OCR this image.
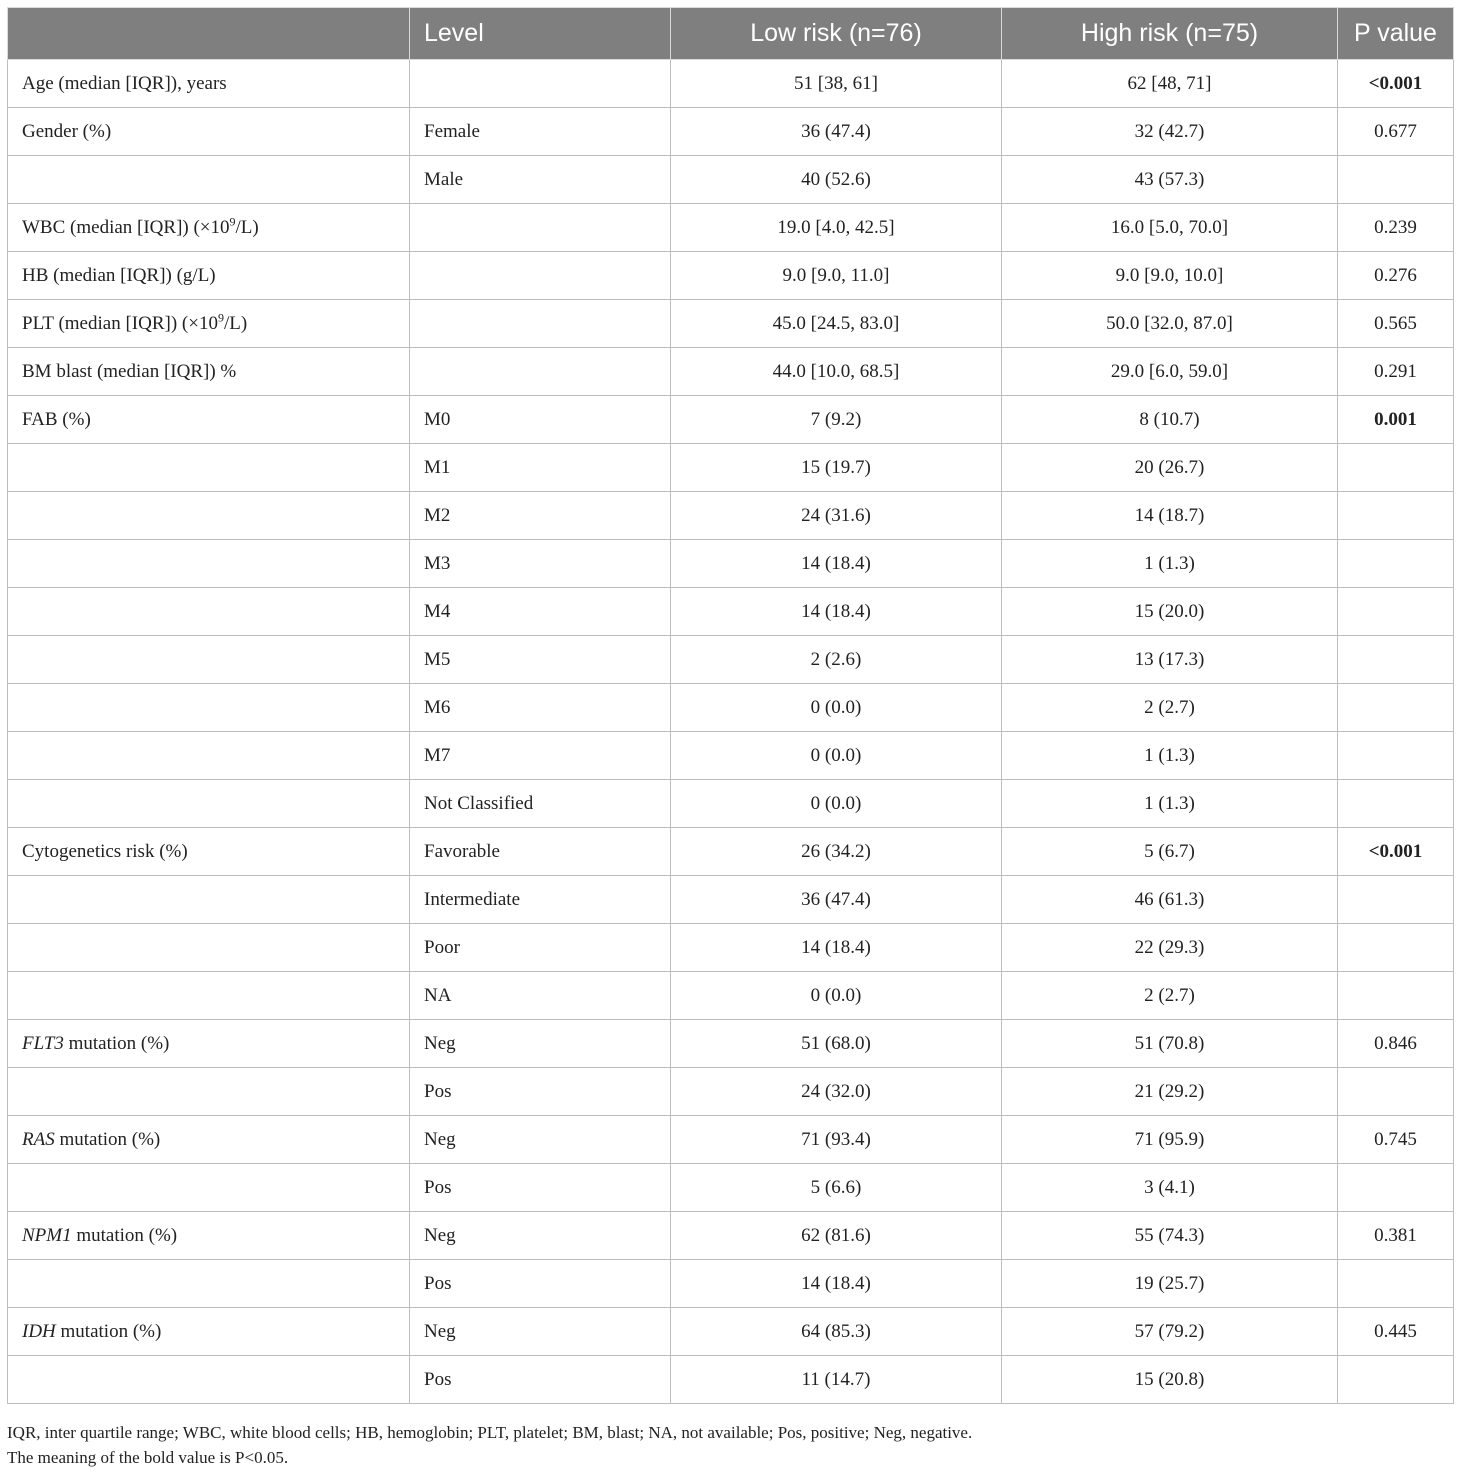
	Level	Low risk (n=76)	High risk (n=75)	P value
Age (median [IQR]), years		51 [38, 61]	62 [48, 71]	<0.001
Gender (%)	Female	36 (47.4)	32 (42.7)	0.677
	Male	40 (52.6)	43 (57.3)	
WBC (median [IQR]) $(\times 10^9/L)$		19.0 [4.0, 42.5]	16.0 [5.0, 70.0]	0.239
HB (median [IQR]) (g/L)		9.0 [9.0, 11.0]	9.0 [9.0, 10.0]	0.276
PLT (median [IQR]) $(\times 10^9/L)$		45.0 [24.5, 83.0]	50.0 [32.0, 87.0]	0.565
BM blast (median [IQR]) %		44.0 [10.0, 68.5]	29.0 [6.0, 59.0]	0.291
FAB (%)	M0	7 (9.2)	8 (10.7)	0.001
	M1	15 (19.7)	20 (26.7)	
	M2	24 (31.6)	14 (18.7)	
	M3	14 (18.4)	1 (1.3)	
	M4	14 (18.4)	15 (20.0)	
	M5	2 (2.6)	13 (17.3)	
	M6	0 (0.0)	2 (2.7)	
	M7	0 (0.0)	1 (1.3)	
	Not Classified	0 (0.0)	1 (1.3)	
Cytogenetics risk (%)	Favorable	26 (34.2)	5 (6.7)	<0.001
	Intermediate	36 (47.4)	46 (61.3)	
	Poor	14 (18.4)	22 (29.3)	
	NA	0 (0.0)	2 (2.7)	
FLT3 mutation (%)	Neg	51 (68.0)	51 (70.8)	0.846
	Pos	24 (32.0)	21 (29.2)	
RAS mutation (%)	Neg	71 (93.4)	71 (95.9)	0.745
	Pos	5 (6.6)	3 (4.1)	
NPM1 mutation (%)	Neg	62 (81.6)	55 (74.3)	0.381
	Pos	14 (18.4)	19 (25.7)	
IDH mutation (%)	Neg	64 (85.3)	57 (79.2)	0.445
	Pos	11 (14.7)	15 (20.8)	
IQR, inter quartile range; WBC, white blood cells; HB, hemoglobin; PLT, platelet; BM, blast; NA, not available; Pos, positive; Neg, negative.
The meaning of the bold value is P<0.05.
